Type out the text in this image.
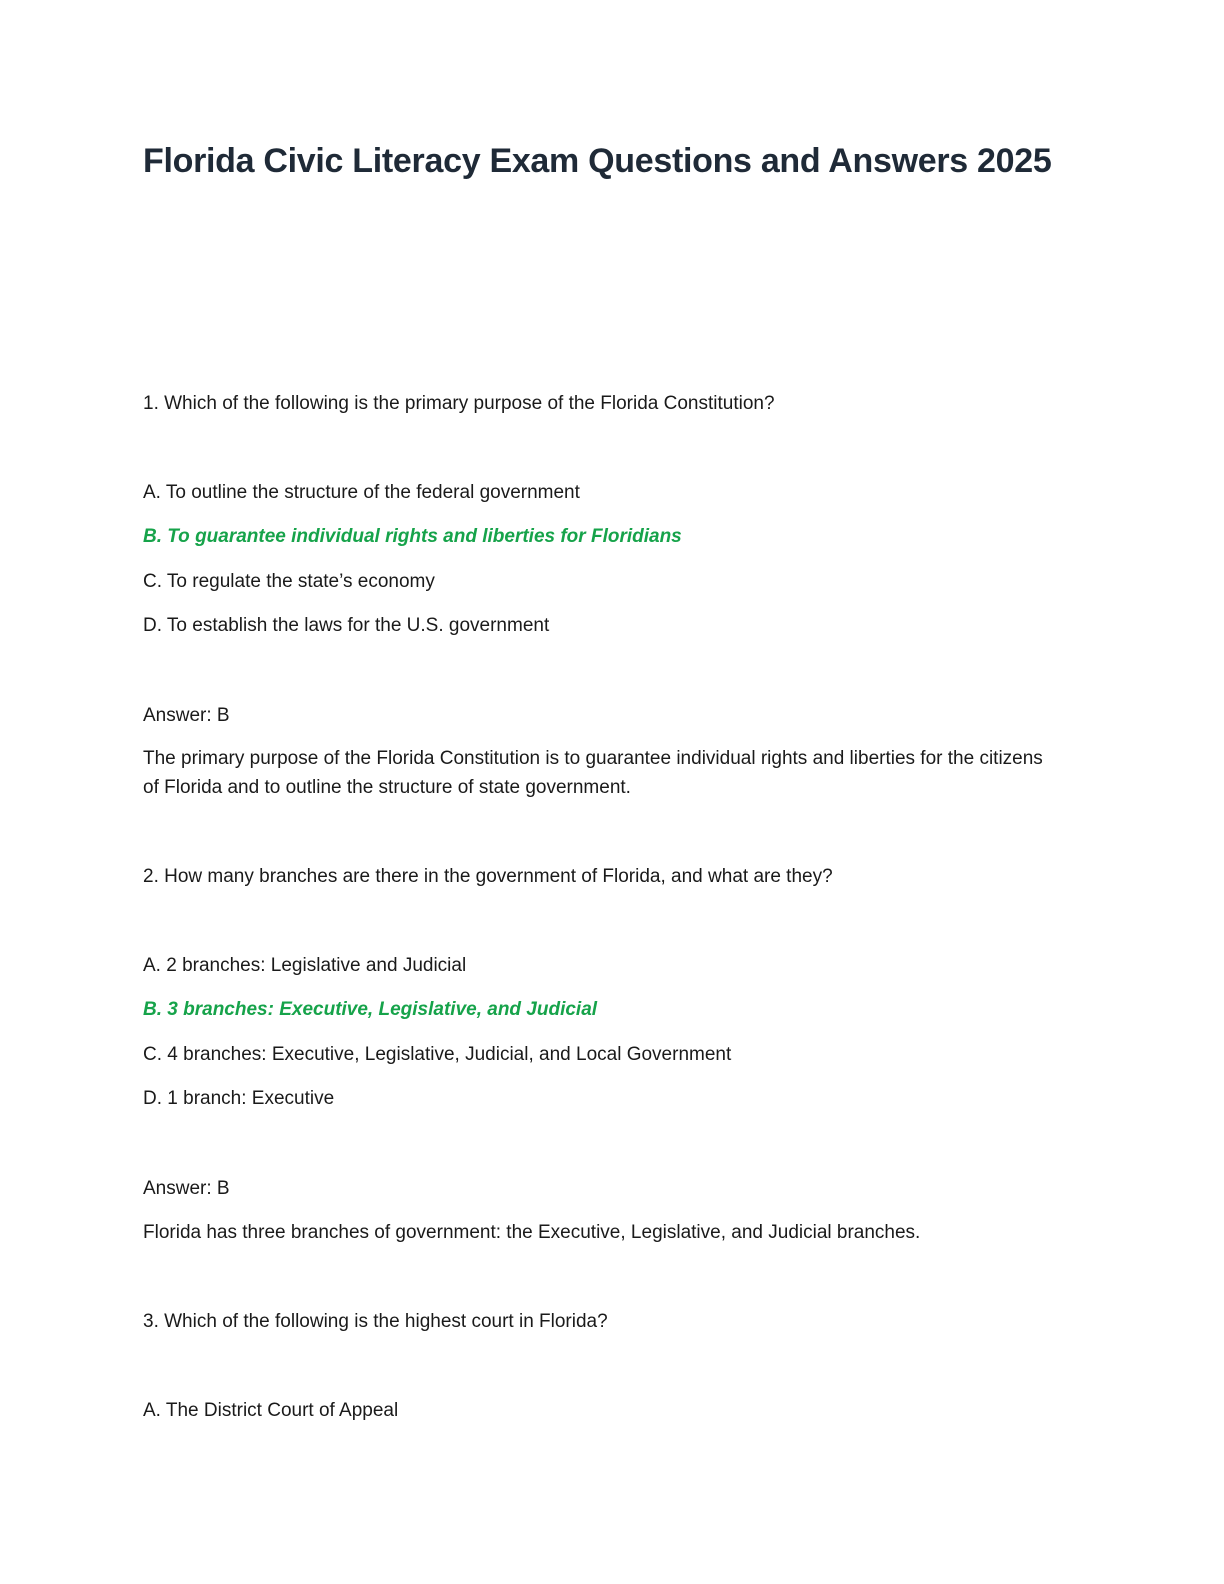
Florida Civic Literacy Exam Questions and Answers 2025

1. Which of the following is the primary purpose of the Florida Constitution?

A. To outline the structure of the federal government

B. To guarantee individual rights and liberties for Floridians

C. To regulate the state’s economy

D. To establish the laws for the U.S. government

Answer: B

The primary purpose of the Florida Constitution is to guarantee individual rights and liberties for the citizens of Florida and to outline the structure of state government.

2. How many branches are there in the government of Florida, and what are they?

A. 2 branches: Legislative and Judicial

B. 3 branches: Executive, Legislative, and Judicial

C. 4 branches: Executive, Legislative, Judicial, and Local Government

D. 1 branch: Executive

Answer: B

Florida has three branches of government: the Executive, Legislative, and Judicial branches.

3. Which of the following is the highest court in Florida?

A. The District Court of Appeal
